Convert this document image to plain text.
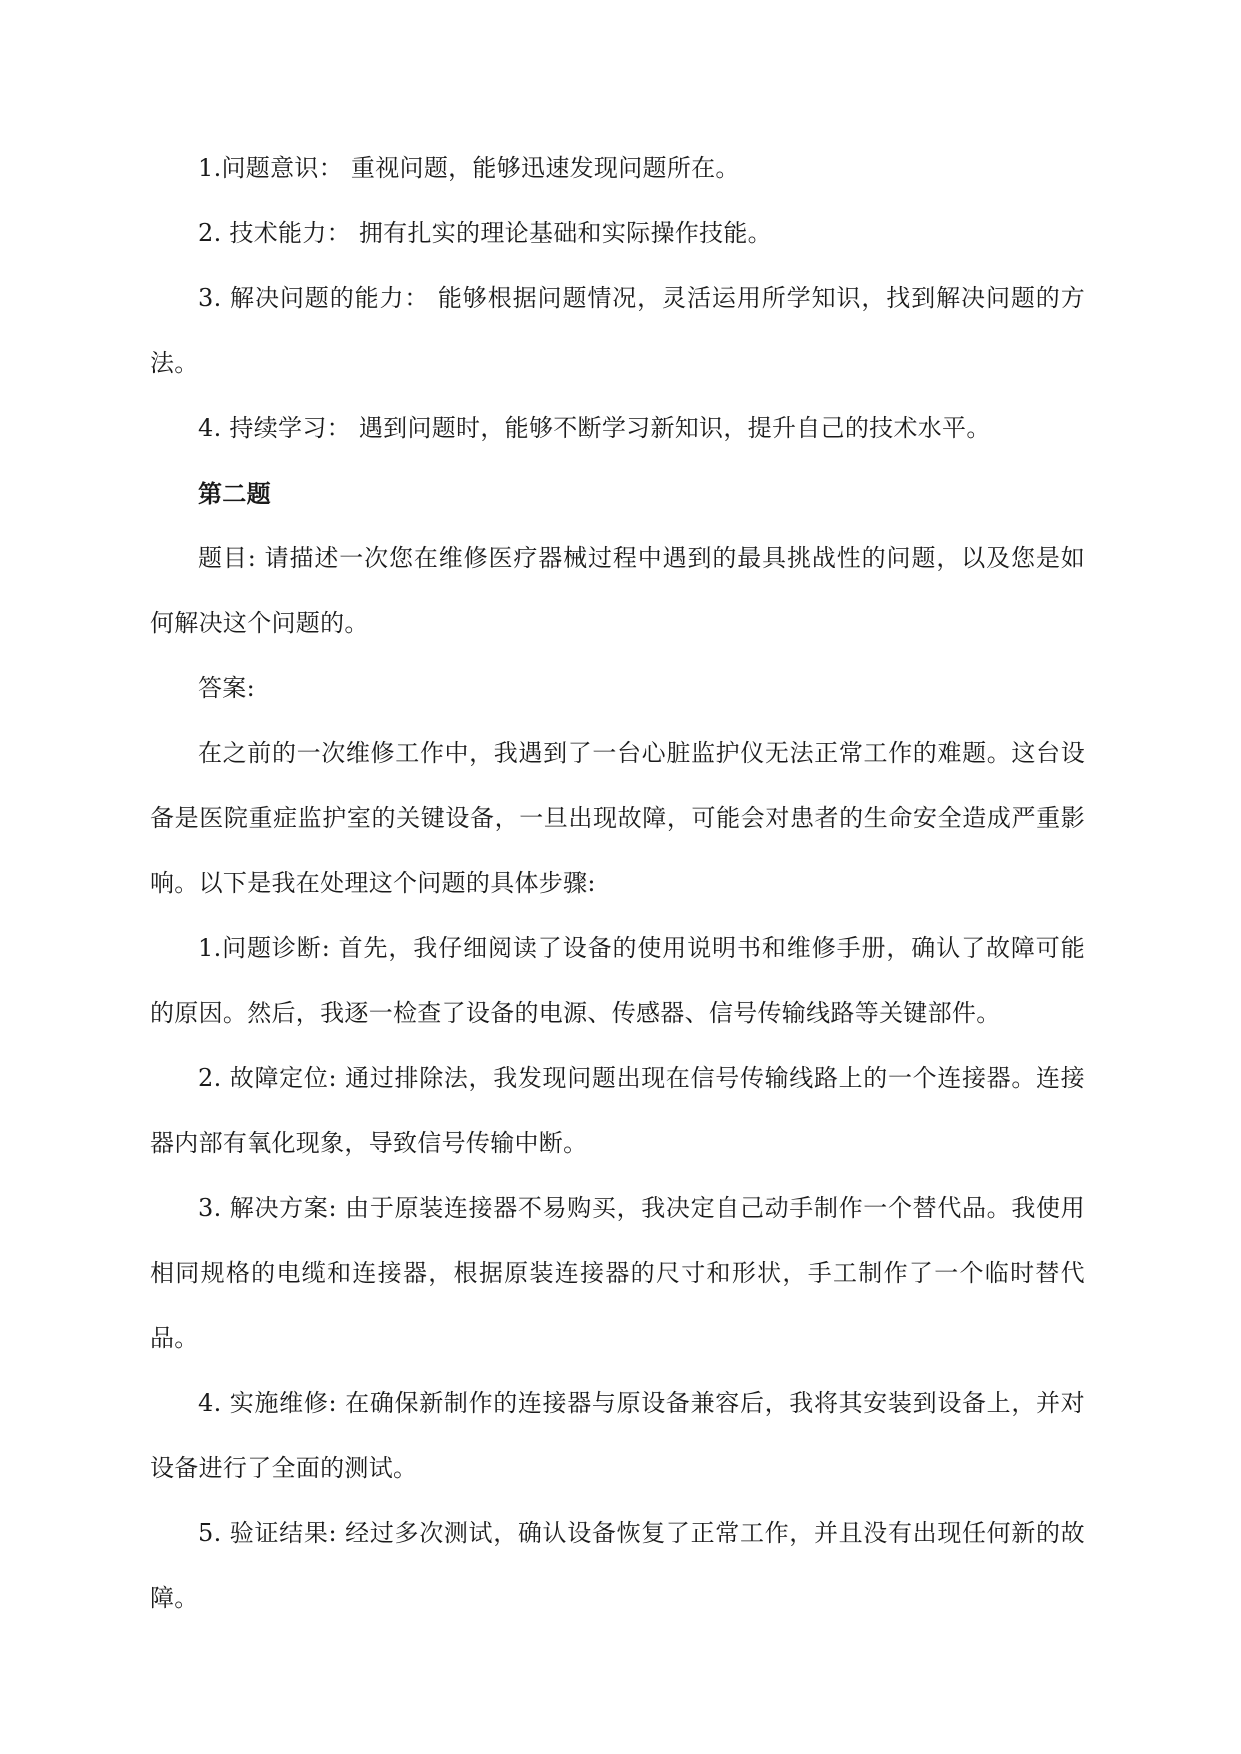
1.问题意识： 重视问题，能够迅速发现问题所在。

2. 技术能力： 拥有扎实的理论基础和实际操作技能。

3. 解决问题的能力： 能够根据问题情况，灵活运用所学知识，找到解决问题的方法。

4. 持续学习： 遇到问题时，能够不断学习新知识，提升自己的技术水平。

第二题

题目: 请描述一次您在维修医疗器械过程中遇到的最具挑战性的问题，以及您是如何解决这个问题的。

答案:

在之前的一次维修工作中，我遇到了一台心脏监护仪无法正常工作的难题。这台设备是医院重症监护室的关键设备，一旦出现故障，可能会对患者的生命安全造成严重影响。以下是我在处理这个问题的具体步骤:

1.问题诊断: 首先，我仔细阅读了设备的使用说明书和维修手册，确认了故障可能的原因。然后，我逐一检查了设备的电源、传感器、信号传输线路等关键部件。

2. 故障定位: 通过排除法，我发现问题出现在信号传输线路上的一个连接器。连接器内部有氧化现象，导致信号传输中断。

3. 解决方案: 由于原装连接器不易购买，我决定自己动手制作一个替代品。我使用相同规格的电缆和连接器，根据原装连接器的尺寸和形状，手工制作了一个临时替代品。

4. 实施维修: 在确保新制作的连接器与原设备兼容后，我将其安装到设备上，并对设备进行了全面的测试。

5. 验证结果: 经过多次测试，确认设备恢复了正常工作，并且没有出现任何新的故障。
